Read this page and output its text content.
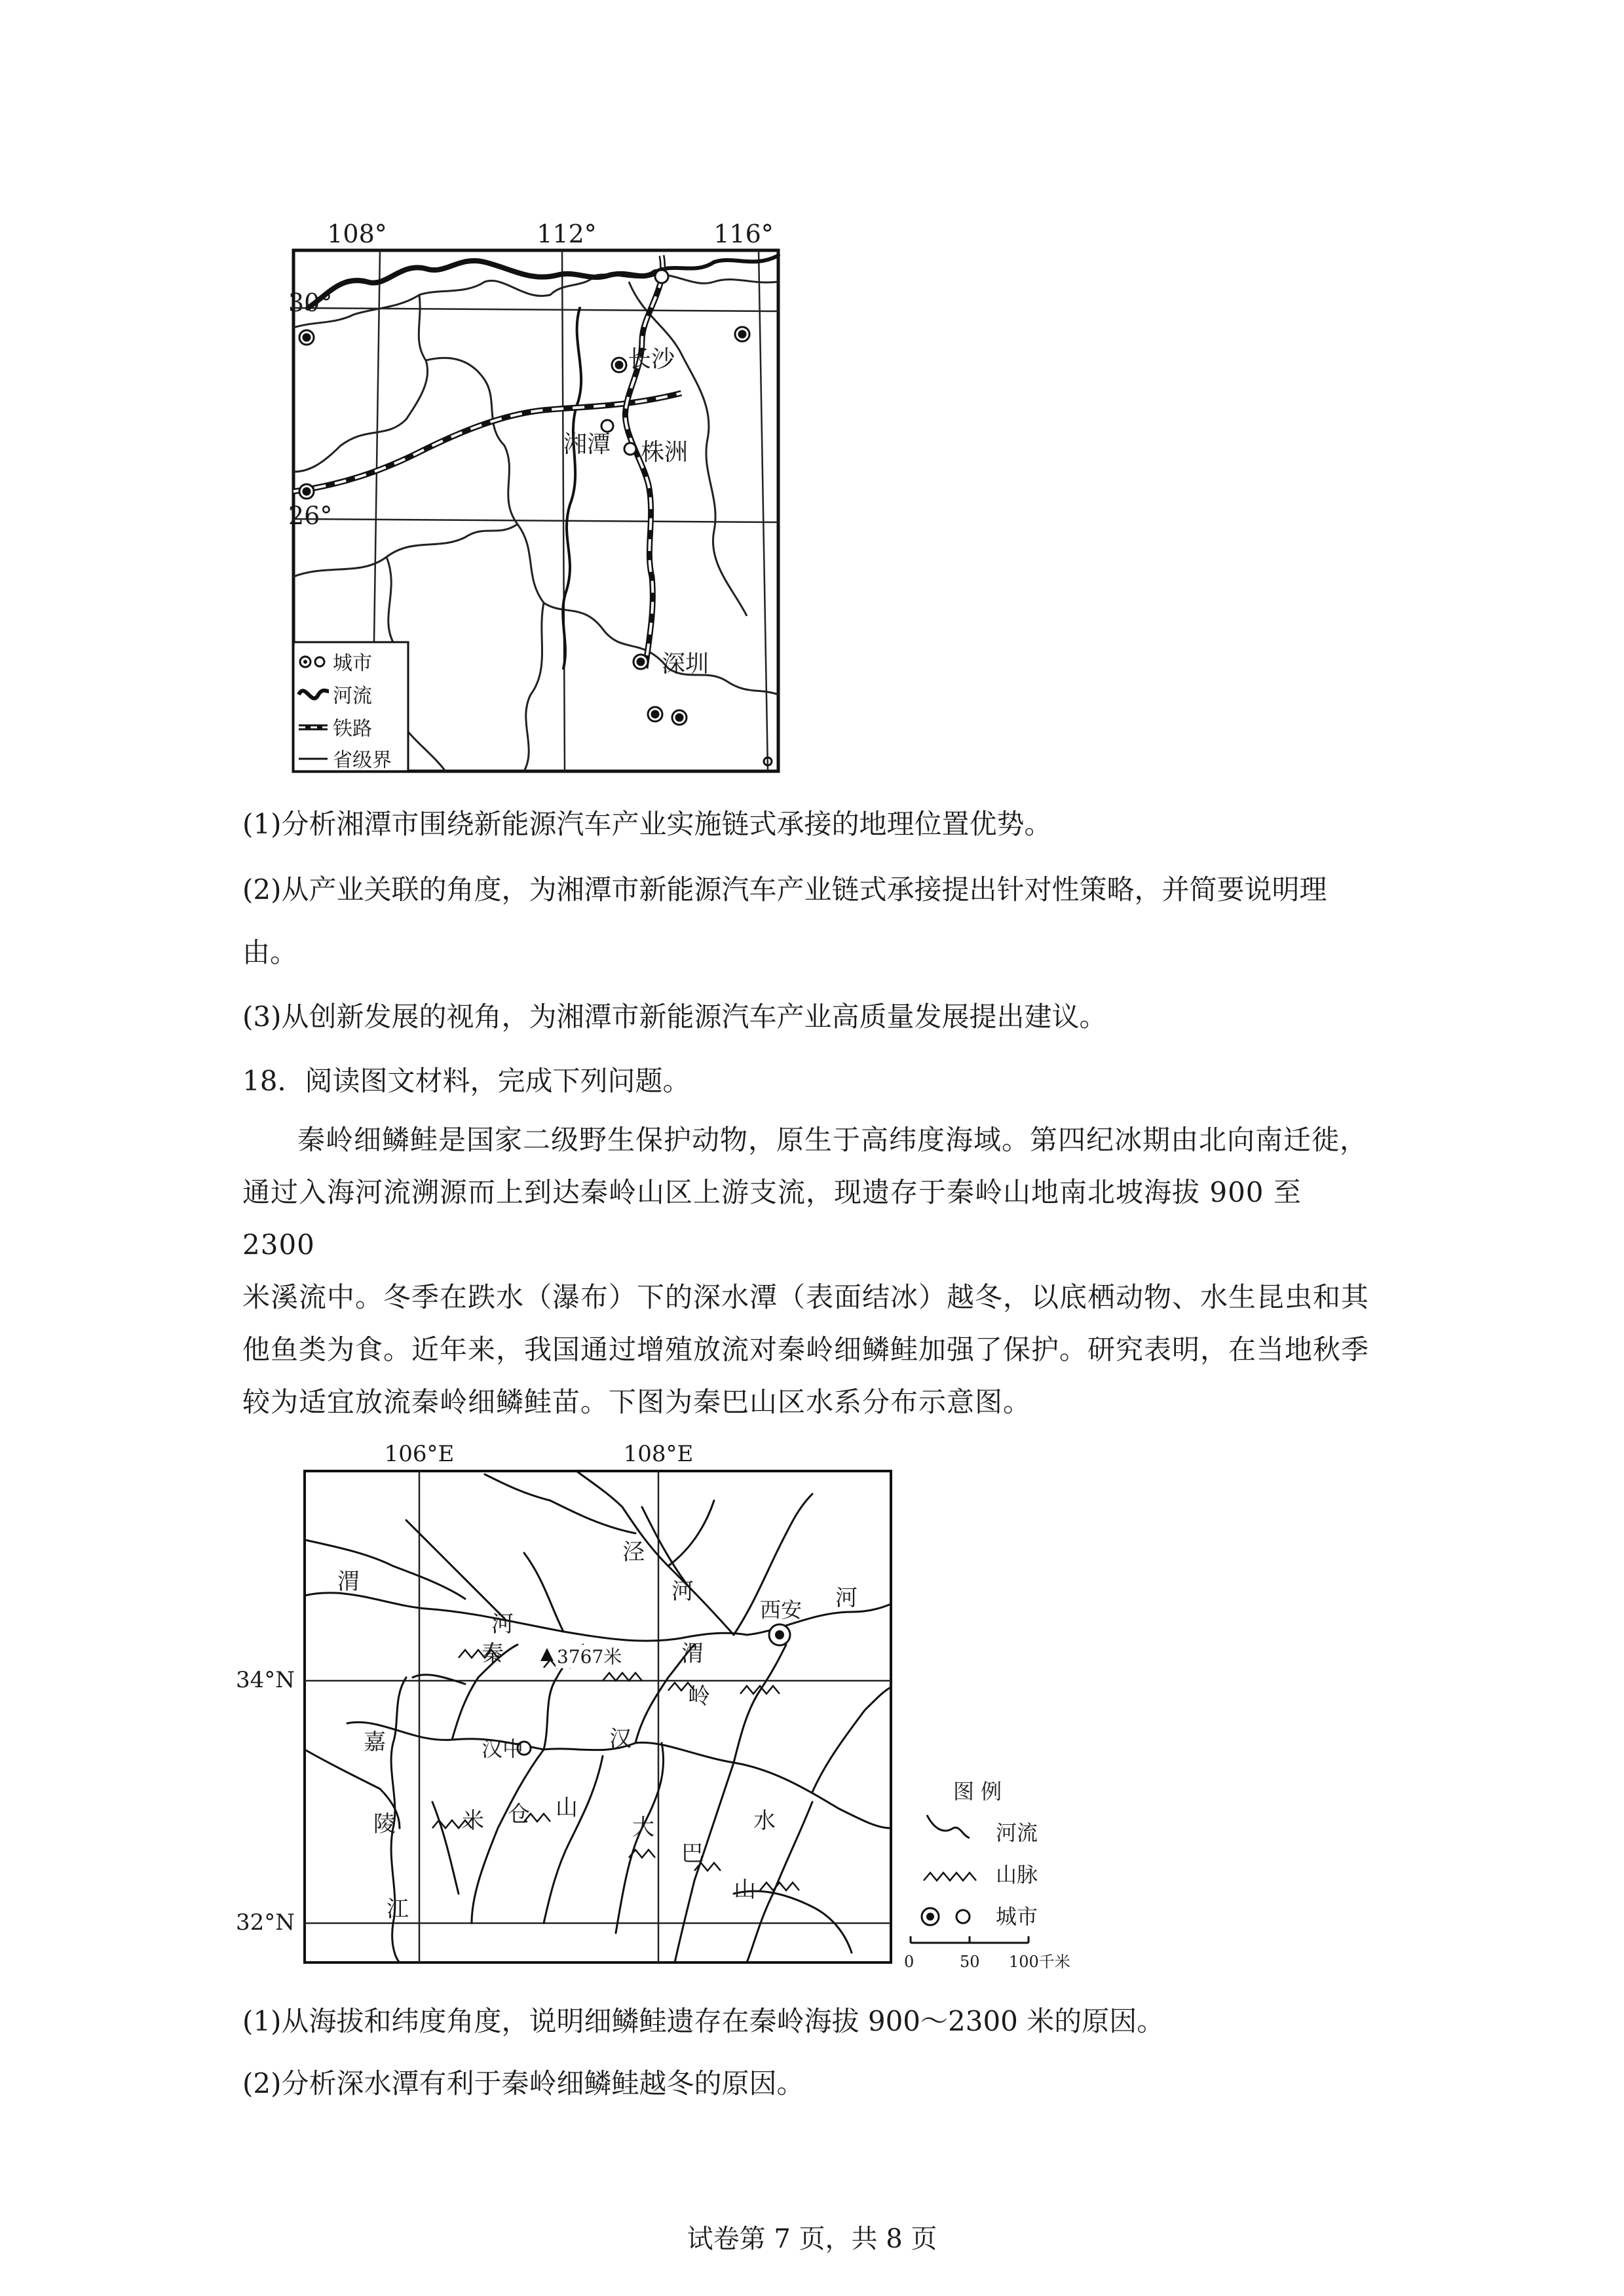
108°	112°	116°
30°
26°
长沙
湘潭 株洲
深圳
城市
河流
铁路
省级界
(1)分析湘潭市围绕新能源汽车产业实施链式承接的地理位置优势。
(2)从产业关联的角度，为湘潭市新能源汽车产业链式承接提出针对性策略，并简要说明理
由。
(3)从创新发展的视角，为湘潭市新能源汽车产业高质量发展提出建议。
18．阅读图文材料，完成下列问题。

秦岭细鳞鲑是国家二级野生保护动物，原生于高纬度海域。第四纪冰期由北向南迁徙，

通过入海河流溯源而上到达秦岭山区上游支流，现遗存于秦岭山地南北坡海拔 900 至 2300

米溪流中。冬季在跌水（瀑布）下的深水潭（表面结冰）越冬，以底栖动物、水生昆虫和其

他鱼类为食。近年来，我国通过增殖放流对秦岭细鳞鲑加强了保护。研究表明，在当地秋季

较为适宜放流秦岭细鳞鲑苗。下图为秦巴山区水系分布示意图。

106°E	108°E
34°N
32°N
3767米
西安
汉中
渭
河
泾
河
渭
河
秦
岭
汉
水
嘉
陵
江
米 仓 山
大
巴
山
图 例
河流
山脉
城市
0	50 100千米
(1)从海拔和纬度角度，说明细鳞鲑遗存在秦岭海拔 900～2300 米的原因。
(2)分析深水潭有利于秦岭细鳞鲑越冬的原因。
试卷第 7 页，共 8 页
